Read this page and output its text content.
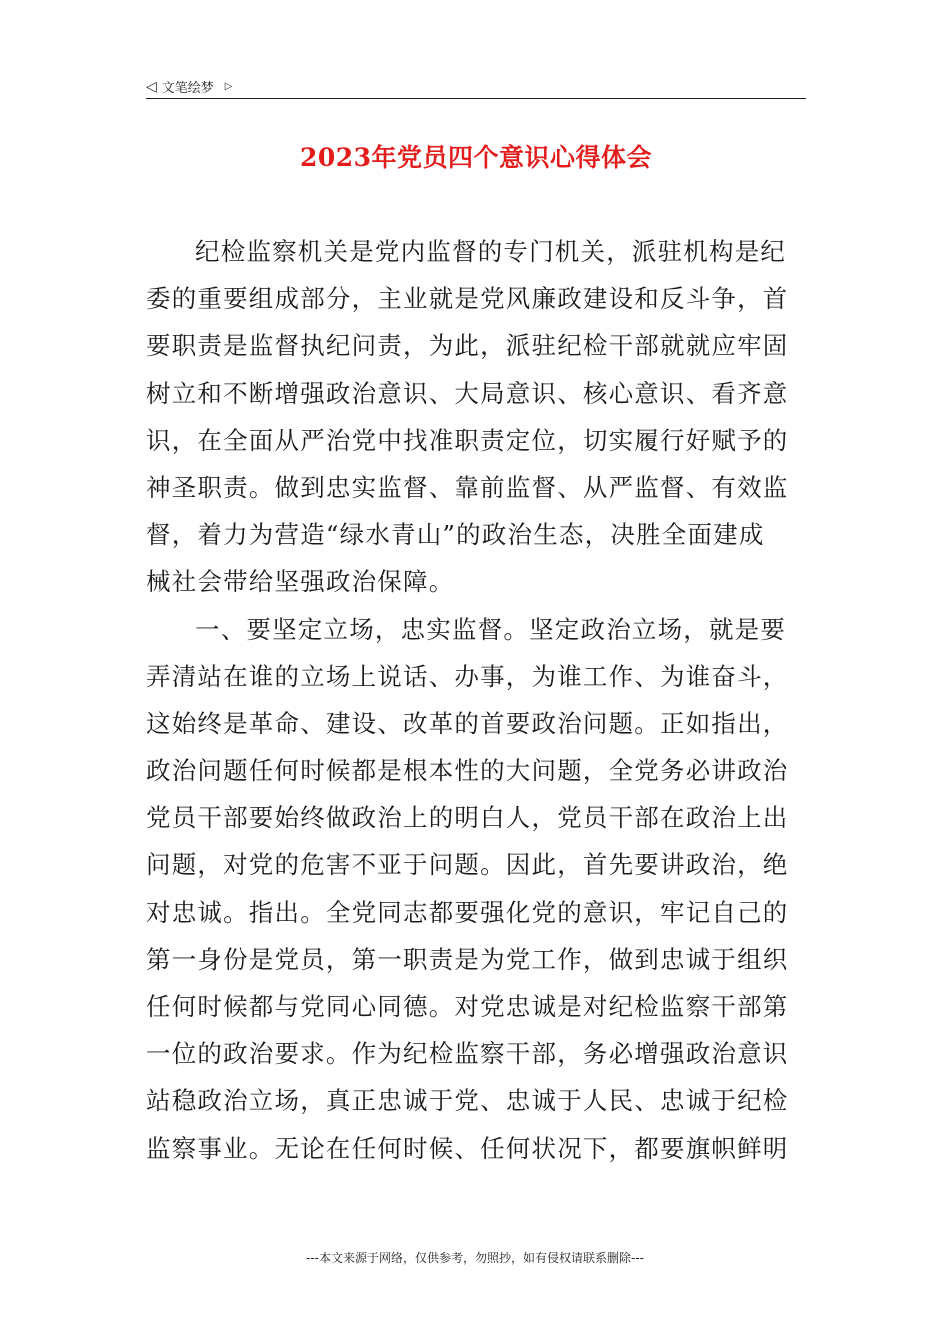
◁ 文笔绘梦 ▷
2023年党员四个意识心得体会
纪检监察机关是党内监督的专门机关，派驻机构是纪
委的重要组成部分，主业就是党风廉政建设和反斗争，首
要职责是监督执纪问责，为此，派驻纪检干部就就应牢固
树立和不断增强政治意识、大局意识、核心意识、看齐意
识，在全面从严治党中找准职责定位，切实履行好赋予的
神圣职责。做到忠实监督、靠前监督、从严监督、有效监
督，着力为营造“绿水青山”的政治生态，决胜全面建成
械社会带给坚强政治保障。
一、要坚定立场，忠实监督。坚定政治立场，就是要
弄清站在谁的立场上说话、办事，为谁工作、为谁奋斗，
这始终是革命、建设、改革的首要政治问题。正如指出，
政治问题任何时候都是根本性的大问题，全党务必讲政治
党员干部要始终做政治上的明白人，党员干部在政治上出
问题，对党的危害不亚于问题。因此，首先要讲政治，绝
对忠诚。指出。全党同志都要强化党的意识，牢记自己的
第一身份是党员，第一职责是为党工作，做到忠诚于组织
任何时候都与党同心同德。对党忠诚是对纪检监察干部第
一位的政治要求。作为纪检监察干部，务必增强政治意识
站稳政治立场，真正忠诚于党、忠诚于人民、忠诚于纪检
监察事业。无论在任何时候、任何状况下，都要旗帜鲜明
---本文来源于网络，仅供参考，勿照抄，如有侵权请联系删除---
